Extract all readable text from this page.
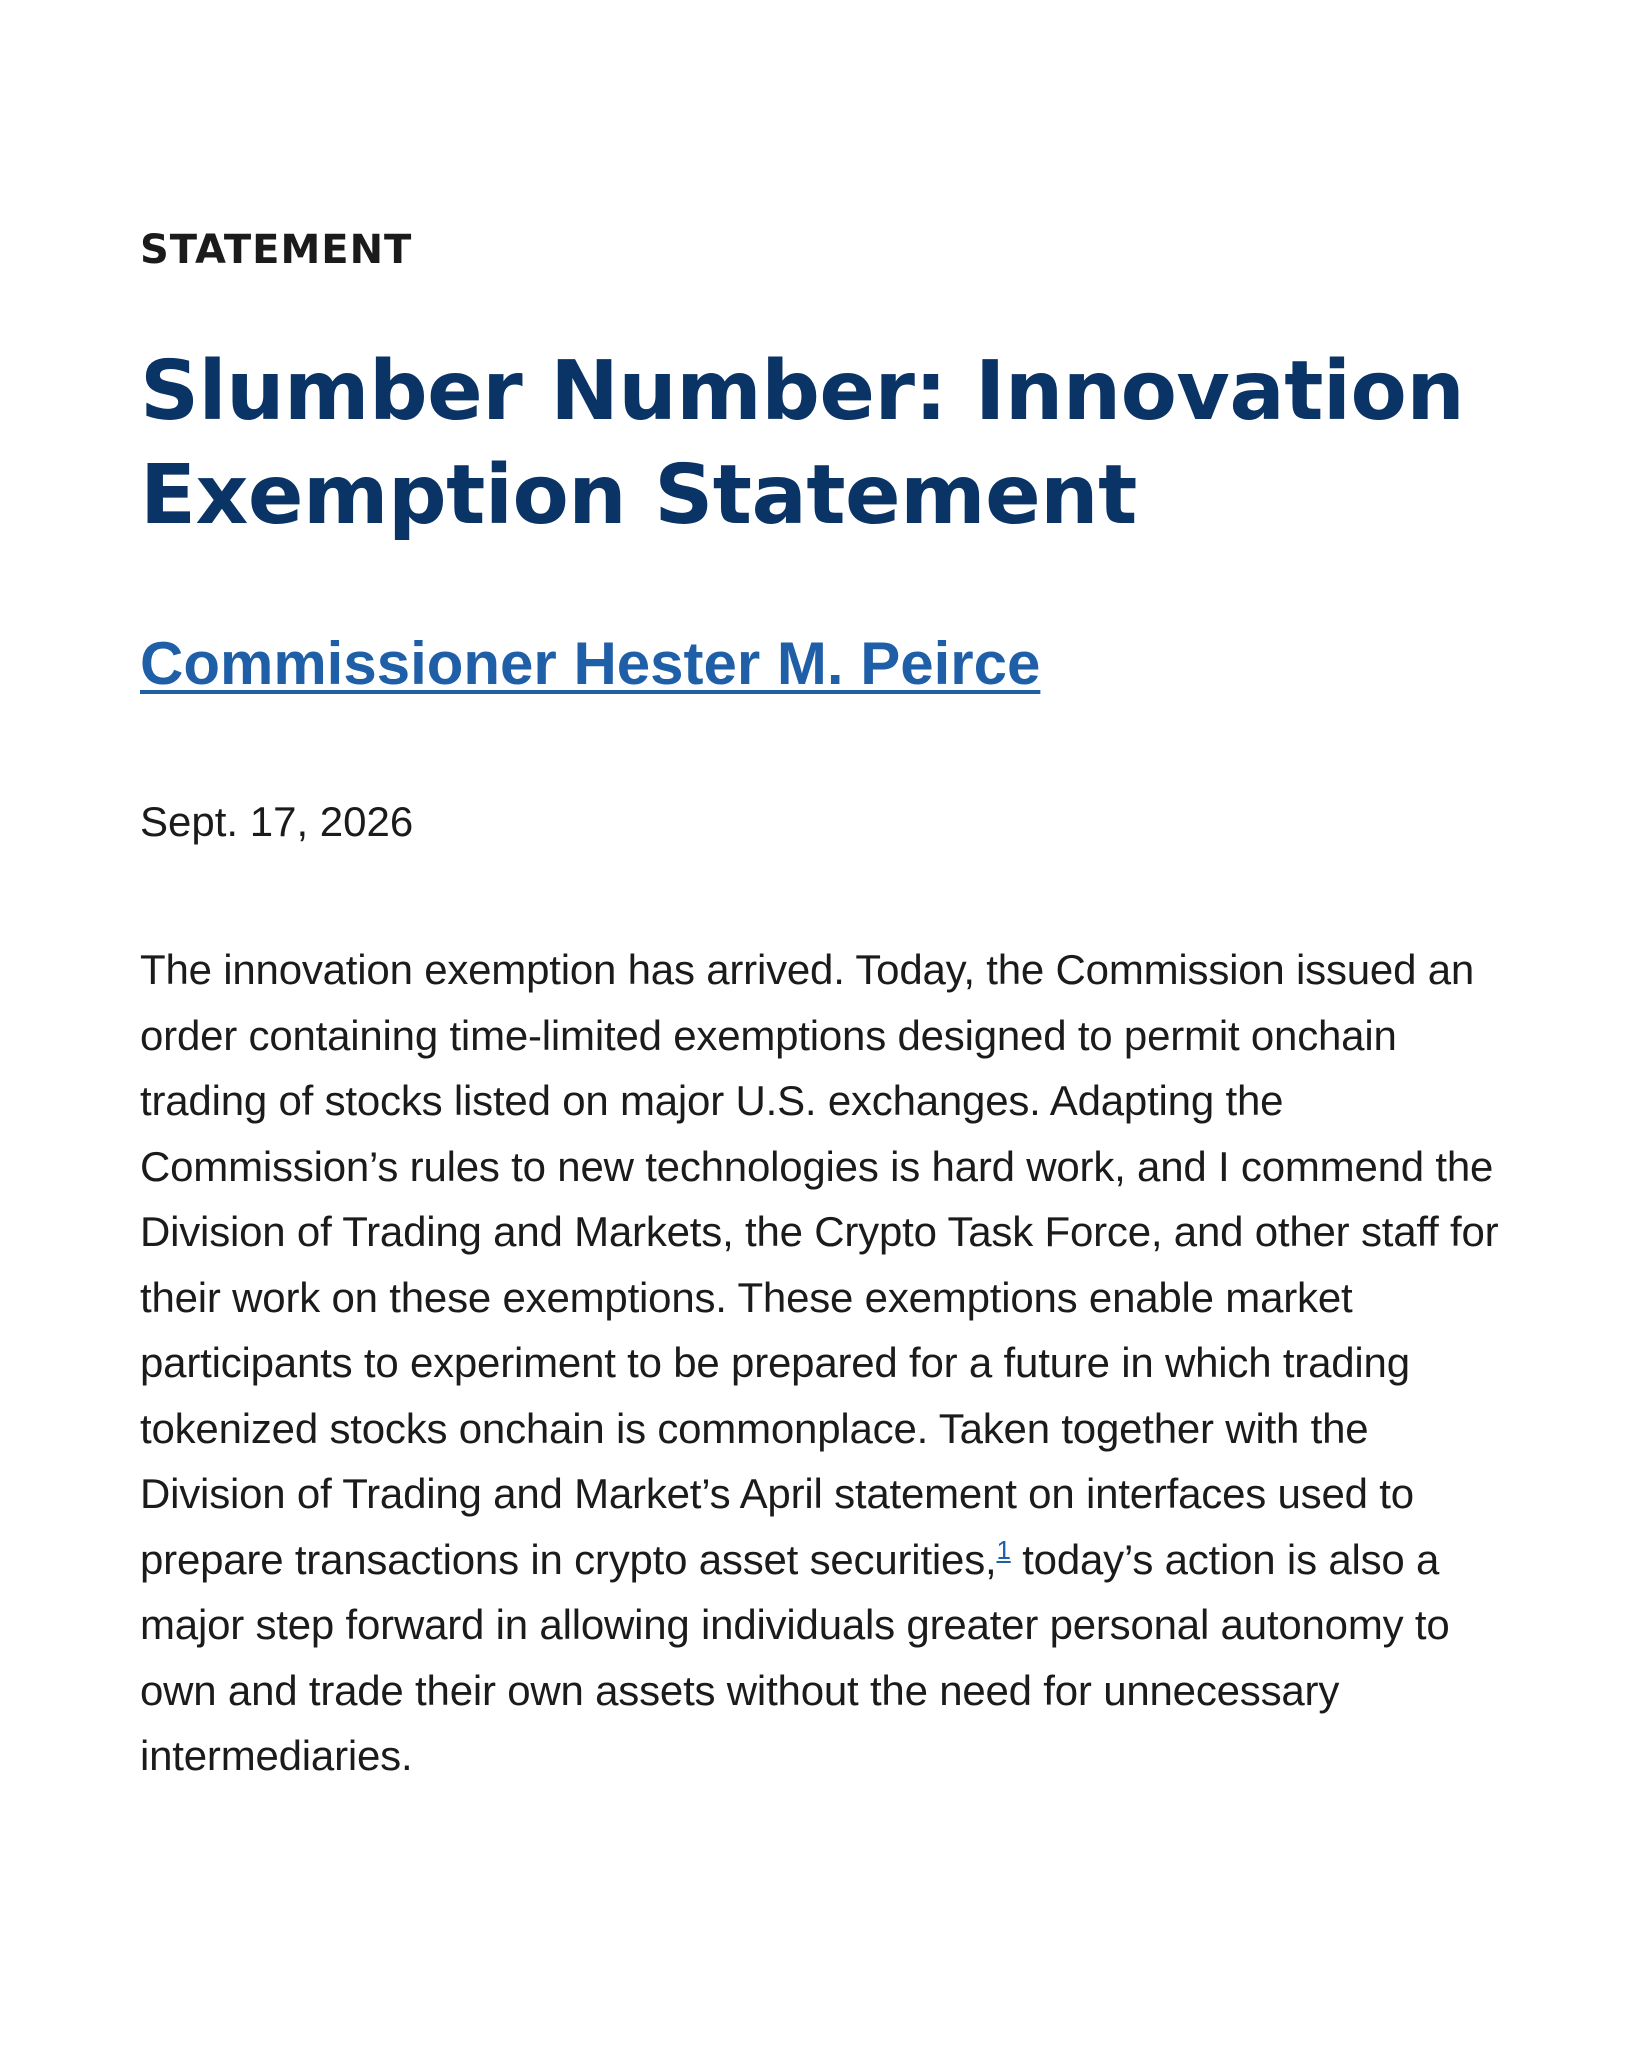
STATEMENT
Slumber Number: Innovation Exemption Statement
Commissioner Hester M. Peirce
Sept. 17, 2026

The innovation exemption has arrived. Today, the Commission issued an order containing time-limited exemptions designed to permit onchain trading of stocks listed on major U.S. exchanges. Adapting the Commission’s rules to new technologies is hard work, and I commend the Division of Trading and Markets, the Crypto Task Force, and other staff for their work on these exemptions. These exemptions enable market participants to experiment to be prepared for a future in which trading tokenized stocks onchain is commonplace. Taken together with the Division of Trading and Market’s April statement on interfaces used to prepare transactions in crypto asset securities,$^1$ today’s action is also a major step forward in allowing individuals greater personal autonomy to own and trade their own assets without the need for unnecessary intermediaries.
